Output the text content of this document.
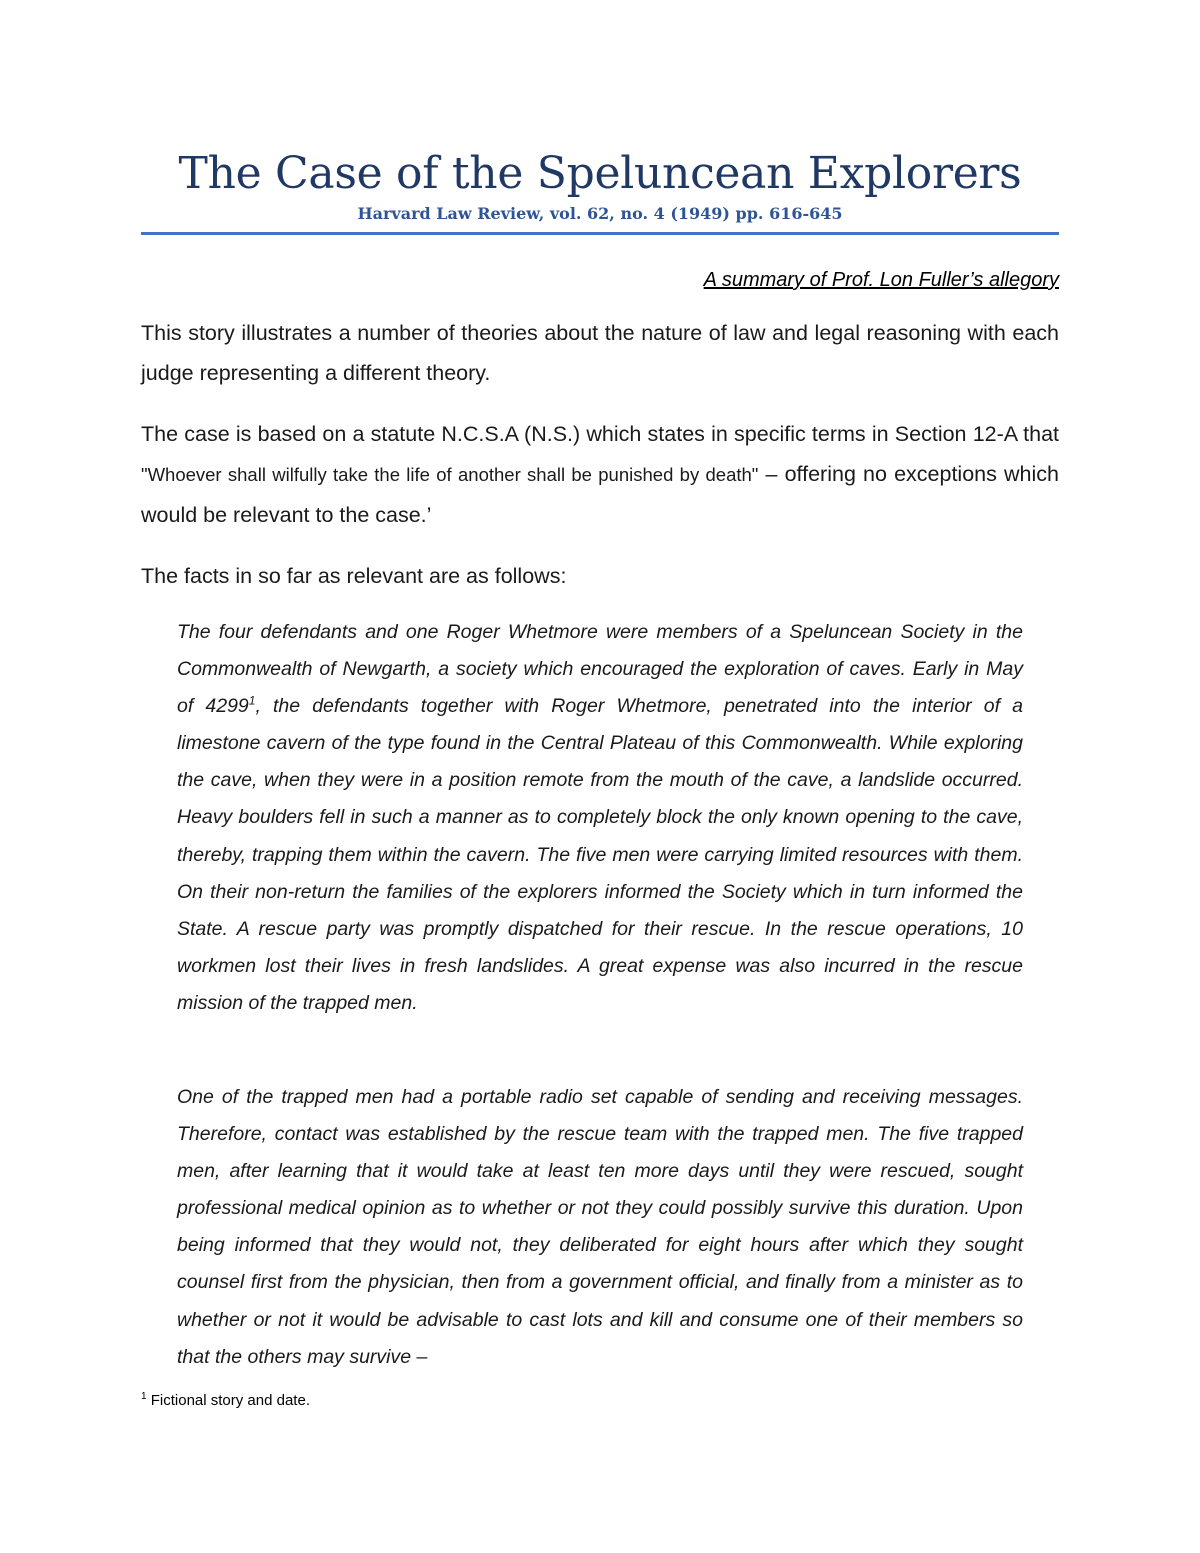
The Case of the Speluncean Explorers
Harvard Law Review, vol. 62, no. 4 (1949) pp. 616-645
A summary of Prof. Lon Fuller’s allegory

This story illustrates a number of theories about the nature of law and legal reasoning with each judge representing a different theory.

The case is based on a statute N.C.S.A (N.S.) which states in specific terms in Section 12-A that "Whoever shall wilfully take the life of another shall be punished by death" – offering no exceptions which would be relevant to the case.’

The facts in so far as relevant are as follows:

The four defendants and one Roger Whetmore were members of a Speluncean Society in the Commonwealth of Newgarth, a society which encouraged the exploration of caves. Early in May of 4299$^1$, the defendants together with Roger Whetmore, penetrated into the interior of a limestone cavern of the type found in the Central Plateau of this Commonwealth. While exploring the cave, when they were in a position remote from the mouth of the cave, a landslide occurred. Heavy boulders fell in such a manner as to completely block the only known opening to the cave, thereby, trapping them within the cavern. The five men were carrying limited resources with them. On their non-return the families of the explorers informed the Society which in turn informed the State. A rescue party was promptly dispatched for their rescue. In the rescue operations, 10 workmen lost their lives in fresh landslides. A great expense was also incurred in the rescue mission of the trapped men.

One of the trapped men had a portable radio set capable of sending and receiving messages. Therefore, contact was established by the rescue team with the trapped men. The five trapped men, after learning that it would take at least ten more days until they were rescued, sought professional medical opinion as to whether or not they could possibly survive this duration. Upon being informed that they would not, they deliberated for eight hours after which they sought counsel first from the physician, then from a government official, and finally from a minister as to whether or not it would be advisable to cast lots and kill and consume one of their members so that the others may survive –

$^1$ Fictional story and date.
